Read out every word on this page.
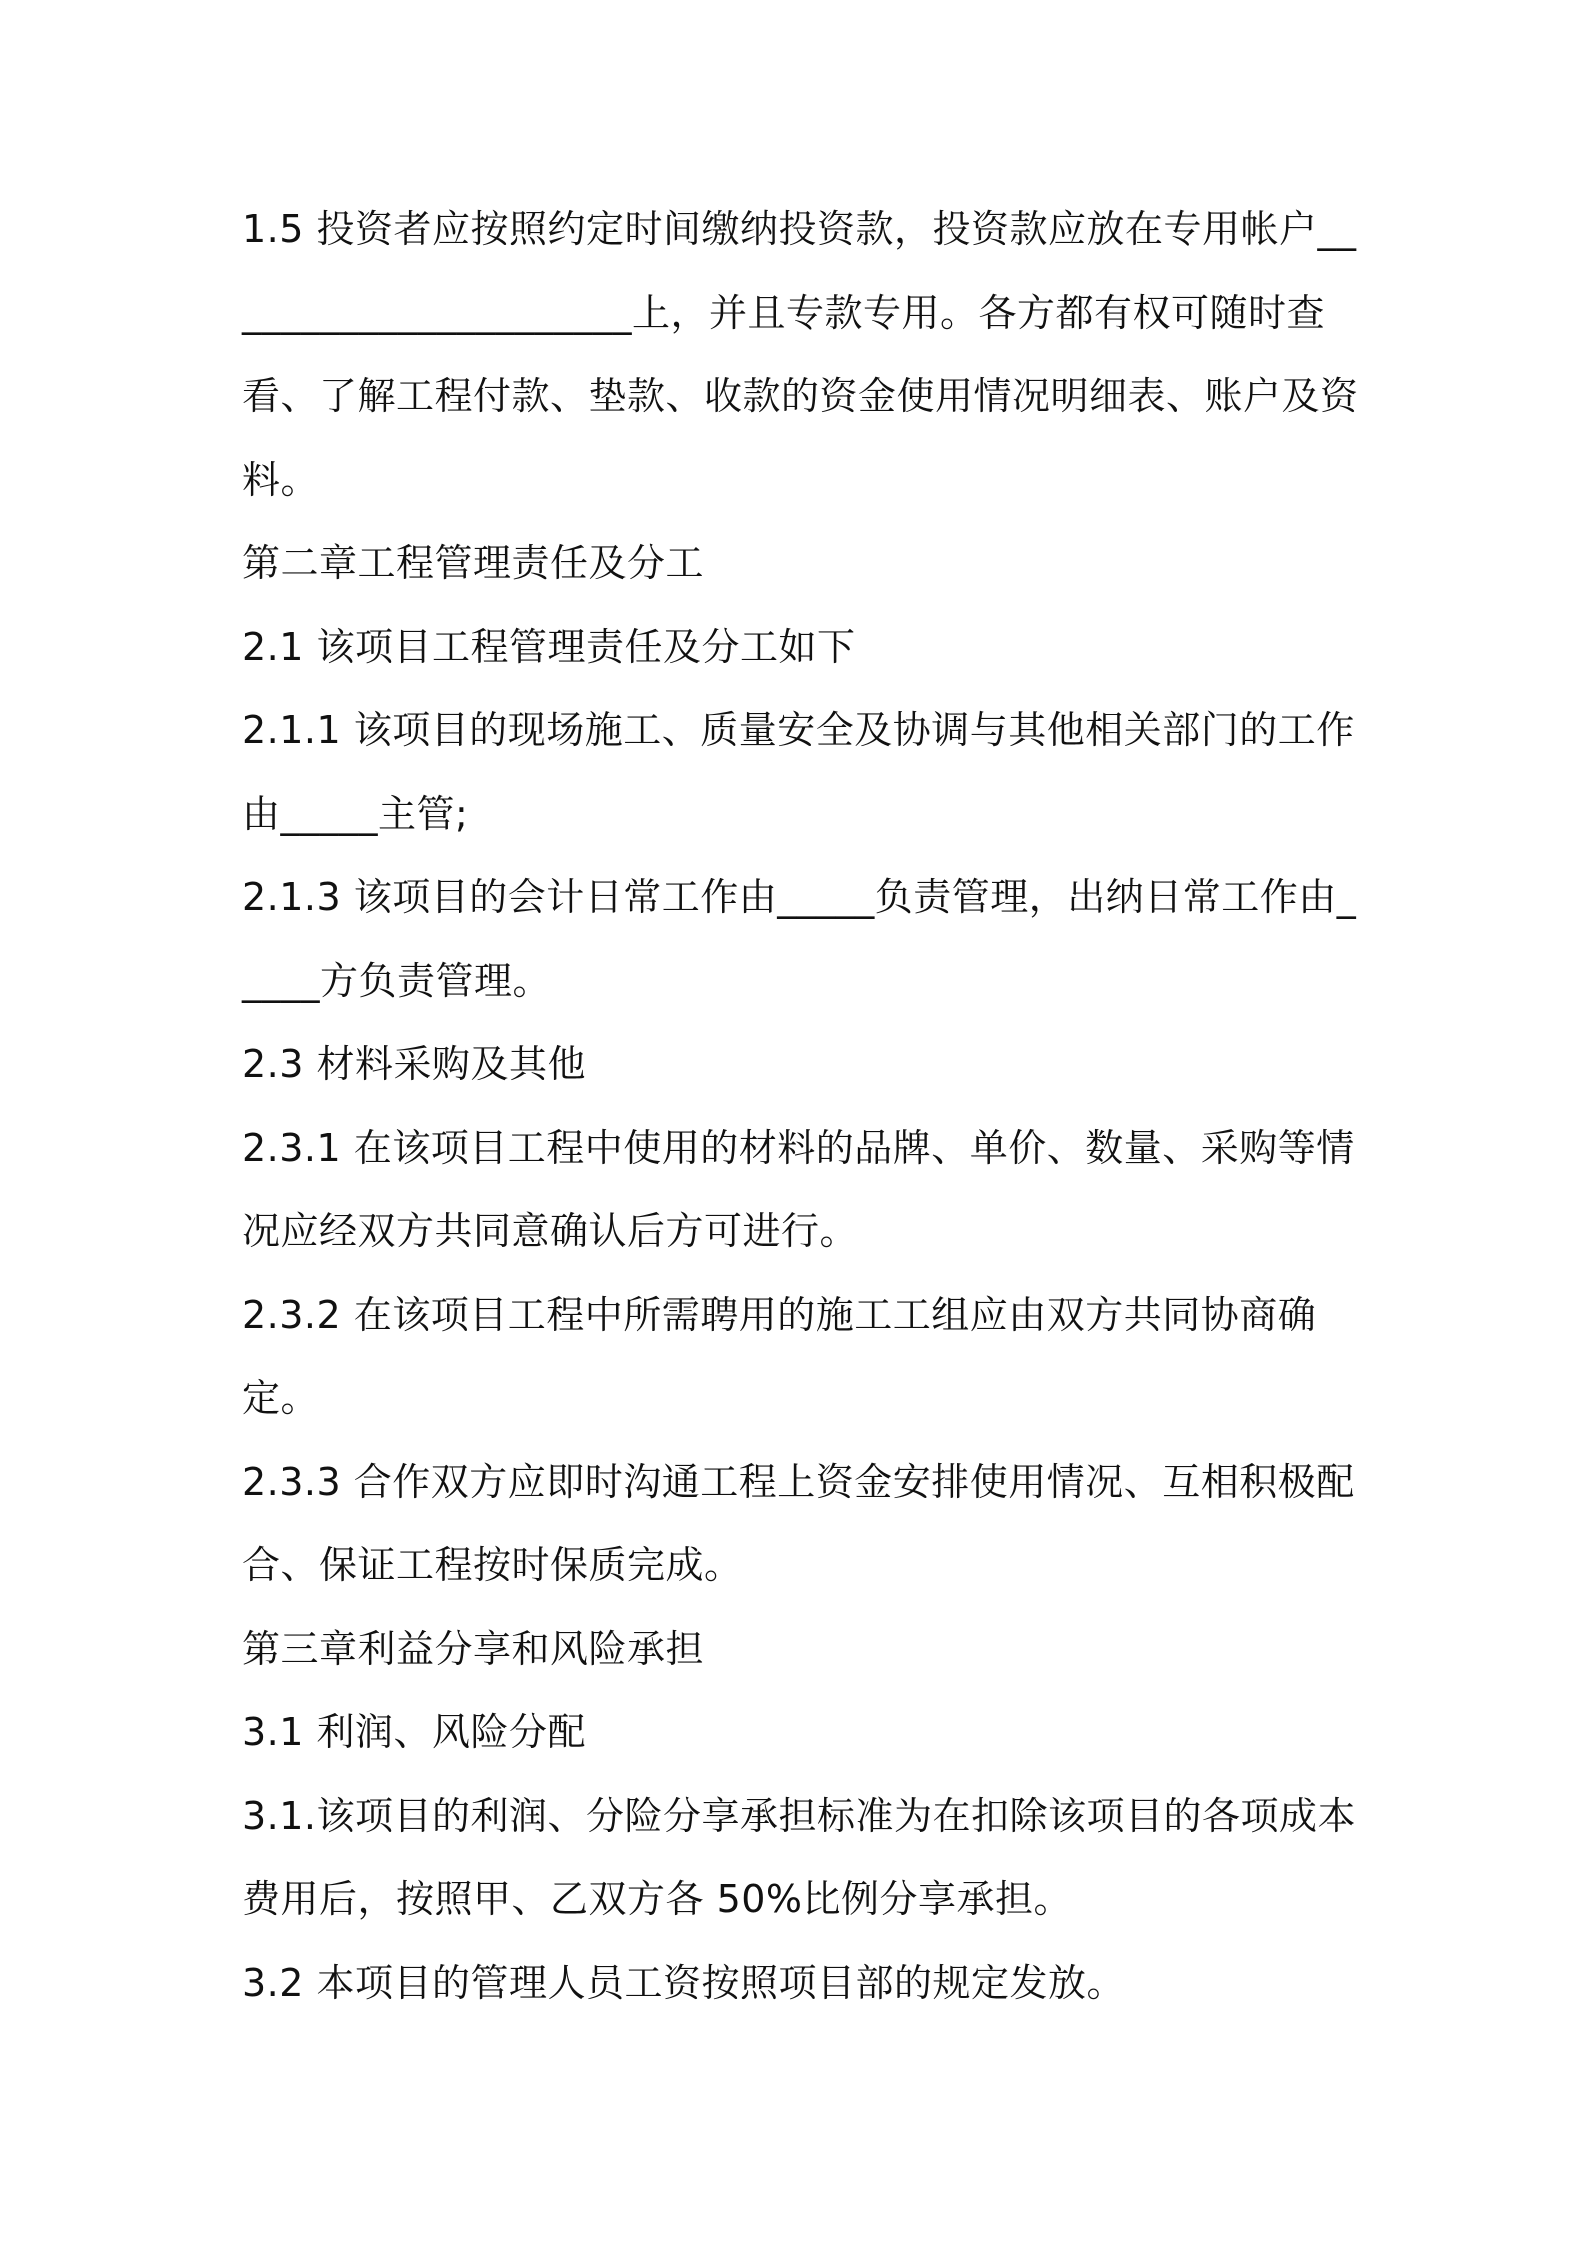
1.5 投资者应按照约定时间缴纳投资款，投资款应放在专用帐户______________________上，并且专款专用。各方都有权可随时查看、了解工程付款、垫款、收款的资金使用情况明细表、账户及资料。

第二章工程管理责任及分工

2.1 该项目工程管理责任及分工如下

2.1.1 该项目的现场施工、质量安全及协调与其他相关部门的工作由_____主管;

2.1.3 该项目的会计日常工作由_____负责管理，出纳日常工作由_____方负责管理。

2.3 材料采购及其他

2.3.1 在该项目工程中使用的材料的品牌、单价、数量、采购等情况应经双方共同意确认后方可进行。

2.3.2 在该项目工程中所需聘用的施工工组应由双方共同协商确定。

2.3.3 合作双方应即时沟通工程上资金安排使用情况、互相积极配合、保证工程按时保质完成。

第三章利益分享和风险承担

3.1 利润、风险分配

3.1.该项目的利润、分险分享承担标准为在扣除该项目的各项成本费用后，按照甲、乙双方各 50%比例分享承担。

3.2 本项目的管理人员工资按照项目部的规定发放。
